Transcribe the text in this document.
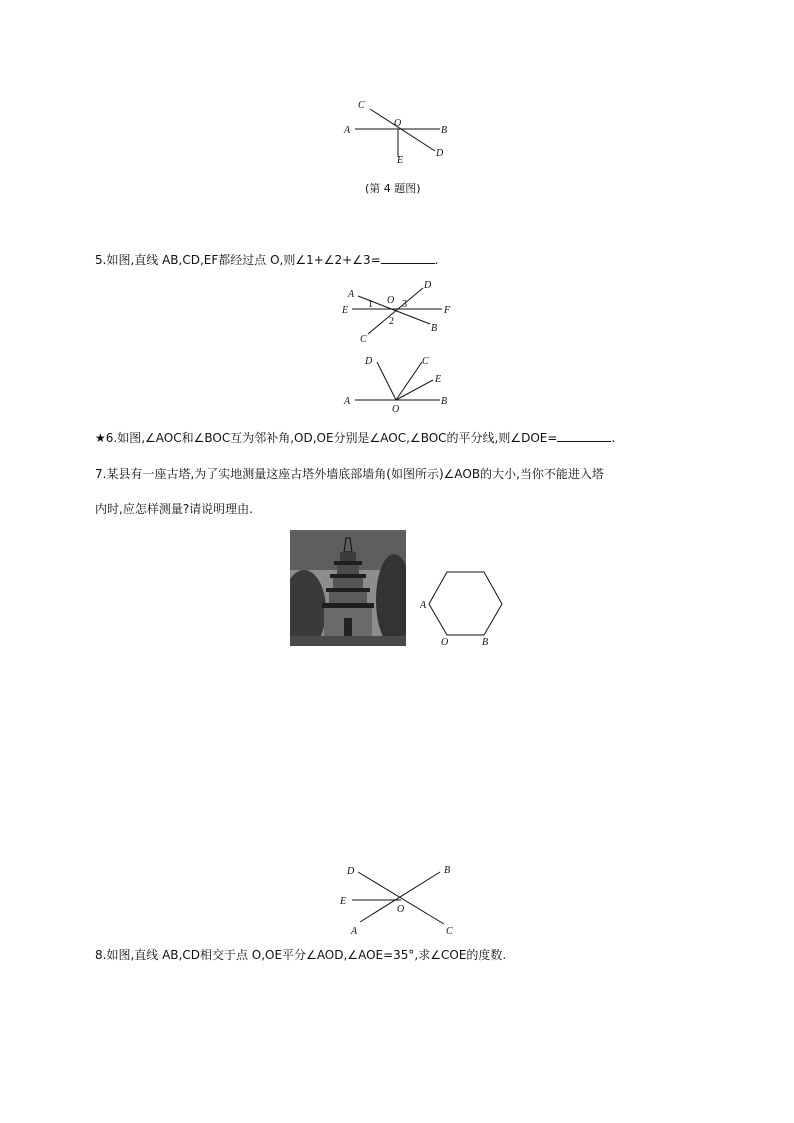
C
A
O
B
D
E
(第 4 题图)
5.如图,直线 AB,CD,EF都经过点 O,则∠1+∠2+∠3=	.
A
D
E	F
O
1	3
2
B
C
D	C
E
A	B
O
★6.如图,∠AOC和∠BOC互为邻补角,OD,OE分别是∠AOC,∠BOC的平分线,则∠DOE=	.
7.某县有一座古塔,为了实地测量这座古塔外墙底部墙角(如图所示)∠AOB的大小,当你不能进入塔
内时,应怎样测量?请说明理由.
A
O	B
D	B
E
O
A	C
8.如图,直线 AB,CD相交于点 O,OE平分∠AOD,∠AOE=35°,求∠COE的度数.
